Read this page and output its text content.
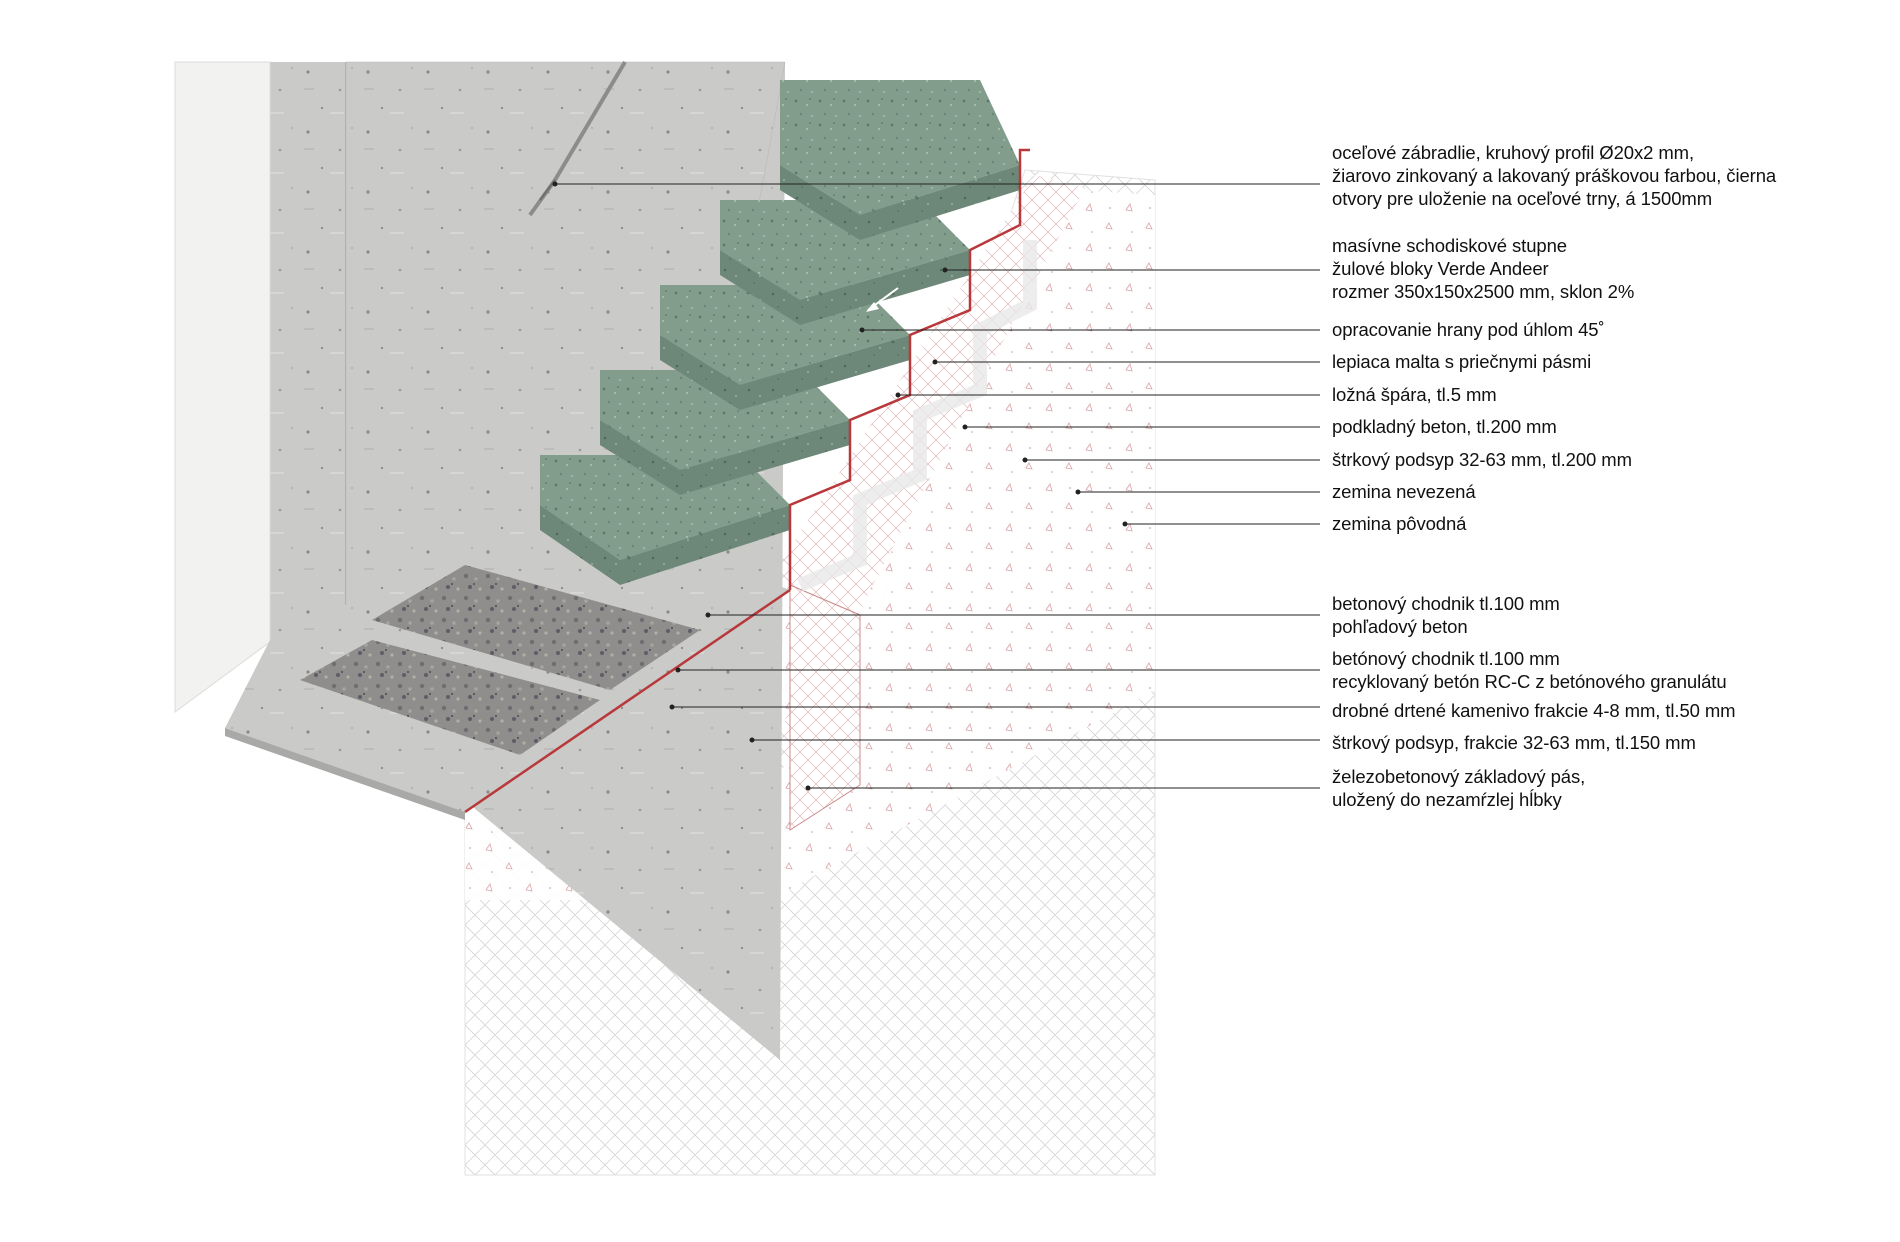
oceľové zábradlie, kruhový profil Ø20x2 mm,
žiarovo zinkovaný a lakovaný práškovou farbou, čierna
otvory pre uloženie na oceľové trny, á 1500mm
masívne schodiskové stupne
žulové bloky Verde Andeer
rozmer 350x150x2500 mm, sklon 2%
opracovanie hrany pod úhlom 45˚
lepiaca malta s priečnymi pásmi
ložná špára, tl.5 mm
podkladný beton, tl.200 mm
štrkový podsyp 32-63 mm, tl.200 mm
zemina nevezená
zemina pôvodná
betonový chodnik tl.100 mm
pohľadový beton
betónový chodnik tl.100 mm
recyklovaný betón RC-C z betónového granulátu
drobné drtené kamenivo frakcie 4-8 mm, tl.50 mm
štrkový podsyp, frakcie 32-63 mm, tl.150 mm
železobetonový základový pás,
uložený do nezamŕzlej hĺbky
